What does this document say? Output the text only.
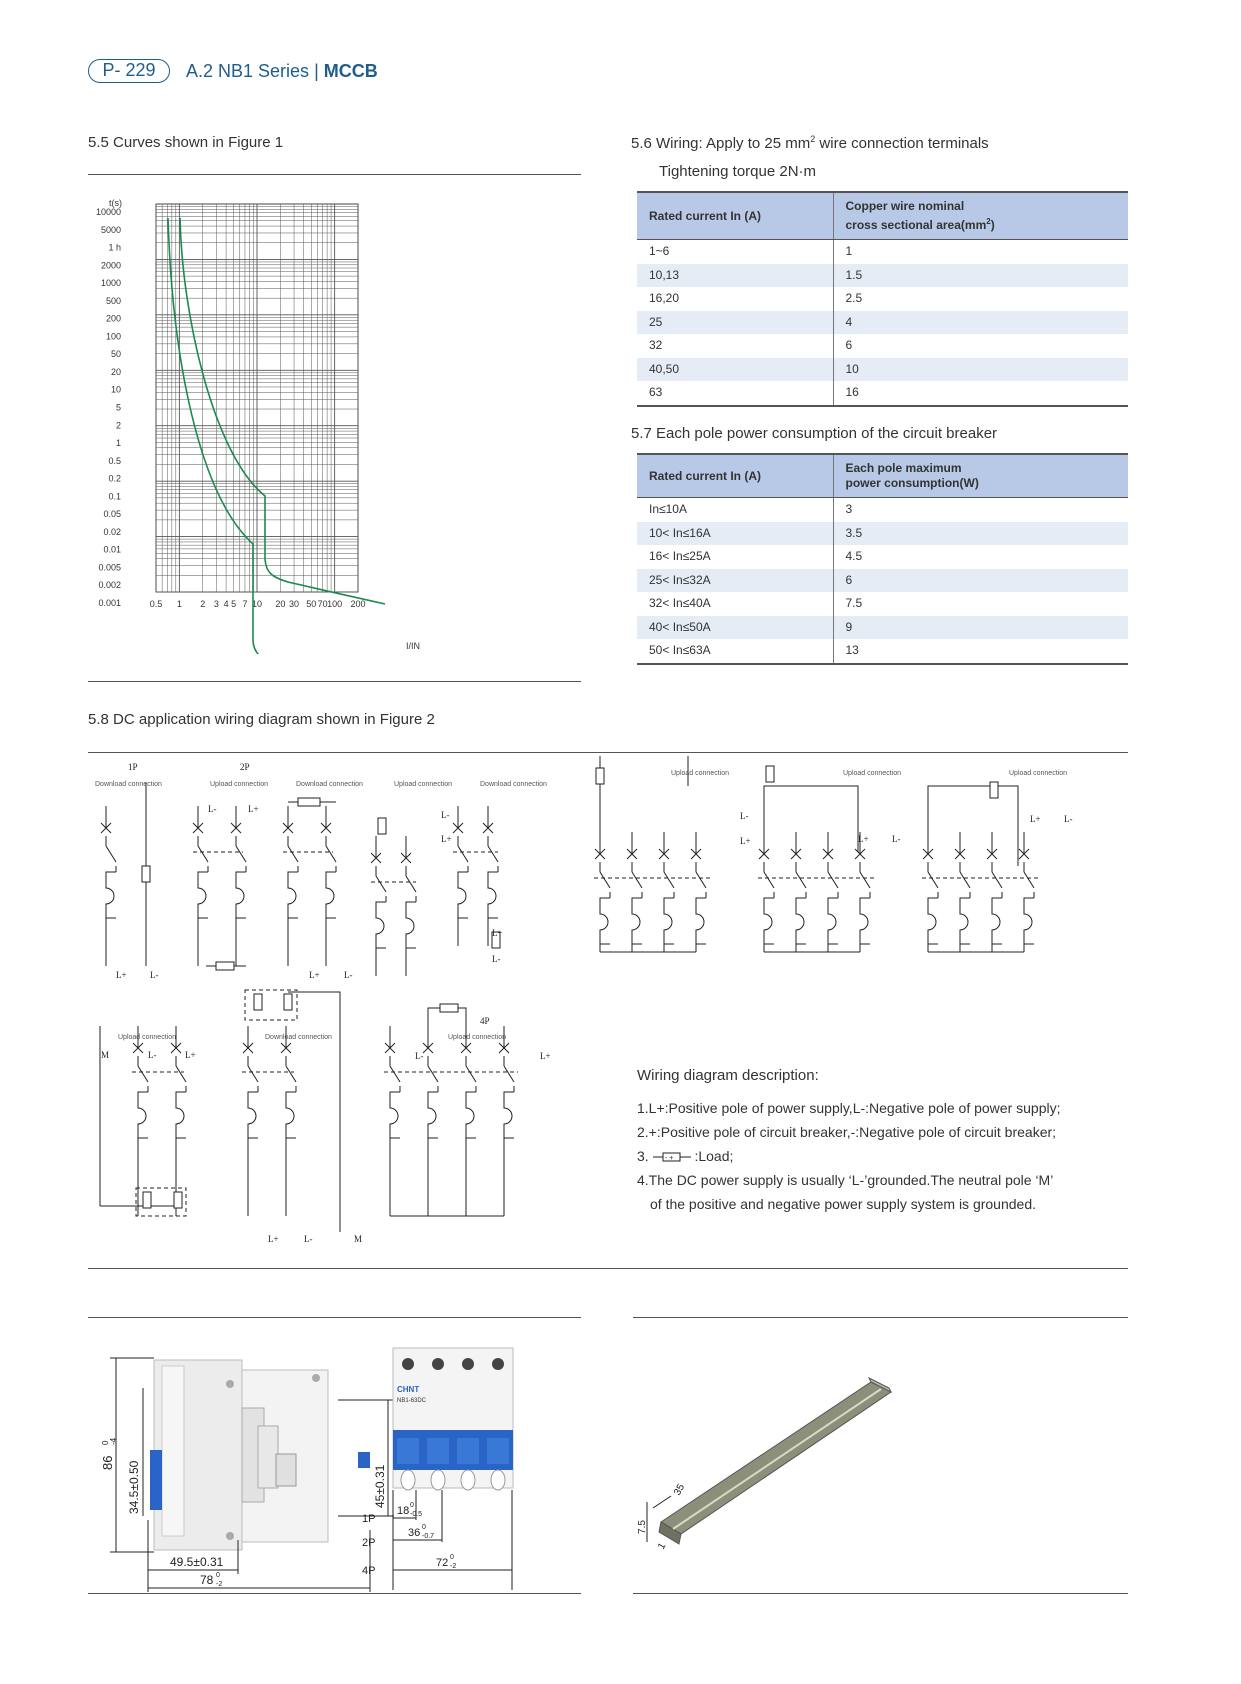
P- 229	A.2 NB1 Series | MCCB
5.5 Curves shown in Figure 1
10000
5000
1 h
2000
1000
500
200
100
50
20
10
5
2
1
0.5
0.2
0.1
0.05
0.02
0.01
0.005
0.002
0.001	0.5 1 2 3 4 5 7 10 20 30 50 70 100 200
t(s)
I/IN
5.6 Wiring: Apply to 25 $mm^2$ wire connection terminals
Tightening torque 2N·m
Rated current In (A)	Copper wire nominal
cross sectional $area(mm^2)$
1~6	1
10,13	1.5
16,20	2.5
25	4
32	6
40,50	10
63	16
5.7 Each pole power consumption of the circuit breaker
Rated current In (A)	Each pole maximum
power consumption(W)
In≤10A	3
10< In≤16A	3.5
16< In≤25A	4.5
25< In≤32A	6
32< In≤40A	7.5
40< In≤50A	9
50< In≤63A	13
5.8 DC application wiring diagram shown in Figure 2
1P	2P
4P
Download connection	Upload connection	Download connection	Upload connection	Download connection
Upload connection	Upload connection	Upload connection
Upload connection	Download connection	Upload connection
L+	L-
L-	L+
L+	L-
L-
L+
L+
L-
L-
L+	L+	L-
L+	L-
M	L-	L+
L+	L-	M
L-	L+
Wiring diagram description:
1.L+:Positive pole of power supply,L-:Negative pole of power supply;
2.+:Positive pole of circuit breaker,-:Negative pole of circuit breaker;
3. - + :Load;
4.The DC power supply is usually ‘L-’grounded.The neutral pole ‘M’
of the positive and negative power supply system is grounded.
86
0 -4
34.5±0.50	45±0.31
49.5±0.31
78 0
-2
CHNT
NB1-63DC
1P
2P
4P
18 0
-0.5
36 0
-0.7
72 0
-2
35
7.5
1
